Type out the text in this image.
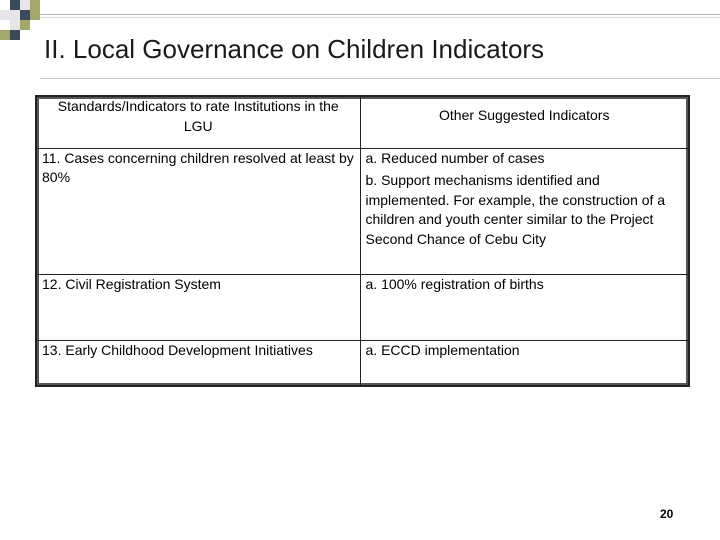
II. Local Governance on Children Indicators
Standards/Indicators to rate Institutions in the LGU	Other Suggested Indicators
11. Cases concerning children resolved at least by 80%	a. Reduced number of cases
b. Support mechanisms identified and implemented. For example, the construction of a children and youth center similar to the Project Second Chance of Cebu City

12. Civil Registration System	a. 100% registration of births

13. Early Childhood Development Initiatives	a. ECCD implementation
20
